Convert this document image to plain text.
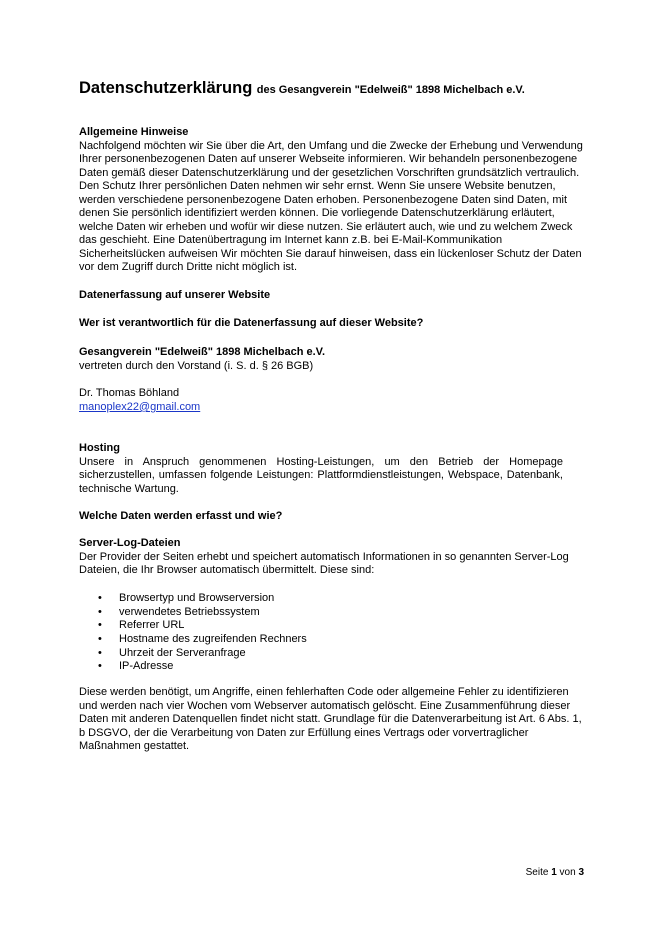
Datenschutzerklärung des Gesangverein "Edelweiß" 1898 Michelbach e.V.
Allgemeine Hinweise
Nachfolgend möchten wir Sie über die Art, den Umfang und die Zwecke der Erhebung und Verwendung Ihrer personenbezogenen Daten auf unserer Webseite informieren. Wir behandeln personenbezogene Daten gemäß dieser Datenschutzerklärung und der gesetzlichen Vorschriften grundsätzlich vertraulich. Den Schutz Ihrer persönlichen Daten nehmen wir sehr ernst. Wenn Sie unsere Website benutzen, werden verschiedene personenbezogene Daten erhoben. Personenbezogene Daten sind Daten, mit denen Sie persönlich identifiziert werden können. Die vorliegende Datenschutzerklärung erläutert, welche Daten wir erheben und wofür wir diese nutzen. Sie erläutert auch, wie und zu welchem Zweck das geschieht. Eine Datenübertragung im Internet kann z.B. bei E-Mail-Kommunikation Sicherheitslücken aufweisen Wir möchten Sie darauf hinweisen, dass ein lückenloser Schutz der Daten vor dem Zugriff durch Dritte nicht möglich ist.
Datenerfassung auf unserer Website
Wer ist verantwortlich für die Datenerfassung auf dieser Website?
Gesangverein "Edelweiß" 1898 Michelbach e.V.
vertreten durch den Vorstand (i. S. d. § 26 BGB)
Dr. Thomas Böhland
manoplex22@gmail.com
Hosting
Unsere in Anspruch genommenen Hosting-Leistungen, um den Betrieb der Homepage sicherzustellen, umfassen folgende Leistungen: Plattformdienstleistungen, Webspace, Datenbank, technische Wartung.
Welche Daten werden erfasst und wie?
Server-Log-Dateien
Der Provider der Seiten erhebt und speichert automatisch Informationen in so genannten Server-Log Dateien, die Ihr Browser automatisch übermittelt. Diese sind:
• Browsertyp und Browserversion
• verwendetes Betriebssystem
• Referrer URL
• Hostname des zugreifenden Rechners
• Uhrzeit der Serveranfrage
• IP-Adresse
Diese werden benötigt, um Angriffe, einen fehlerhaften Code oder allgemeine Fehler zu identifizieren und werden nach vier Wochen vom Webserver automatisch gelöscht. Eine Zusammenführung dieser Daten mit anderen Datenquellen findet nicht statt. Grundlage für die Datenverarbeitung ist Art. 6 Abs. 1, b DSGVO, der die Verarbeitung von Daten zur Erfüllung eines Vertrags oder vorvertraglicher Maßnahmen gestattet.
Seite 1 von 3
